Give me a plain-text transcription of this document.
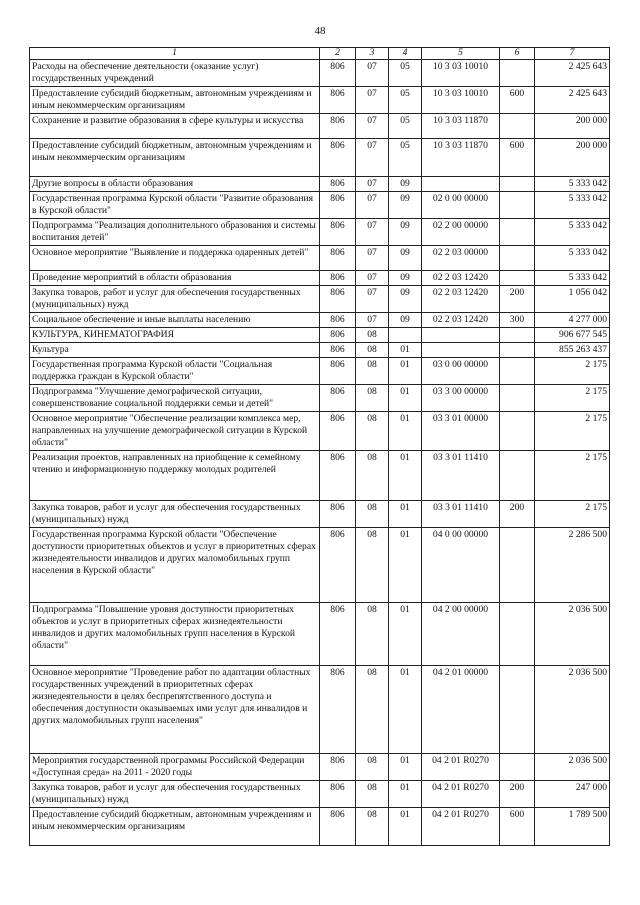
48
1	2	3	4	5	6	7
Расходы на обеспечение деятельности (оказание услуг) государственных учреждений	806	07	05	10 3 03 10010		2 425 643
Предоставление субсидий бюджетным, автономным учреждениям и иным некоммерческим организациям	806	07	05	10 3 03 10010	600	2 425 643
Сохранение и развитие образования в сфере культуры и искусства	806	07	05	10 3 03 11870		200 000
Предоставление субсидий бюджетным, автономным учреждениям и иным некоммерческим организациям	806	07	05	10 3 03 11870	600	200 000
Другие вопросы в области образования	806	07	09			5 333 042
Государственная программа Курской области "Развитие образования в Курской области"	806	07	09	02 0 00 00000		5 333 042
Подпрограмма "Реализация дополнительного образования и системы воспитания детей"	806	07	09	02 2 00 00000		5 333 042
Основное мероприятие "Выявление и поддержка одаренных детей"	806	07	09	02 2 03 00000		5 333 042
Проведение мероприятий в области образования	806	07	09	02 2 03 12420		5 333 042
Закупка товаров, работ и услуг для обеспечения государственных (муниципальных) нужд	806	07	09	02 2 03 12420	200	1 056 042
Социальное обеспечение и иные выплаты населению	806	07	09	02 2 03 12420	300	4 277 000
КУЛЬТУРА, КИНЕМАТОГРАФИЯ	806	08				906 677 545
Культура	806	08	01			855 263 437
Государственная программа Курской области "Социальная поддержка граждан в Курской области"	806	08	01	03 0 00 00000		2 175
Подпрограмма "Улучшение демографической ситуации, совершенствование социальной поддержки семьи и детей"	806	08	01	03 3 00 00000		2 175
Основное мероприятие "Обеспечение реализации комплекса мер, направленных на улучшение демографической ситуации в Курской области"	806	08	01	03 3 01 00000		2 175
Реализация проектов, направленных на приобщение к семейному чтению и информационную поддержку молодых родителей	806	08	01	03 3 01 11410		2 175
Закупка товаров, работ и услуг для обеспечения государственных (муниципальных) нужд	806	08	01	03 3 01 11410	200	2 175
Государственная программа Курской области "Обеспечение доступности приоритетных объектов и услуг в приоритетных сферах жизнедеятельности инвалидов и других маломобильных групп населения в Курской области"	806	08	01	04 0 00 00000		2 286 500
Подпрограмма "Повышение уровня доступности приоритетных объектов и услуг в приоритетных сферах жизнедеятельности инвалидов и других маломобильных групп населения в Курской области"	806	08	01	04 2 00 00000		2 036 500
Основное мероприятие "Проведение работ по адаптации областных государственных учреждений в приоритетных сферах жизнедеятельности в целях беспрепятственного доступа и обеспечения доступности оказываемых ими услуг для инвалидов и других маломобильных групп населения"	806	08	01	04 2 01 00000		2 036 500
Мероприятия государственной программы Российской Федерации «Доступная среда» на 2011 - 2020 годы	806	08	01	04 2 01 R0270		2 036 500
Закупка товаров, работ и услуг для обеспечения государственных (муниципальных) нужд	806	08	01	04 2 01 R0270	200	247 000
Предоставление субсидий бюджетным, автономным учреждениям и иным некоммерческим организациям	806	08	01	04 2 01 R0270	600	1 789 500
